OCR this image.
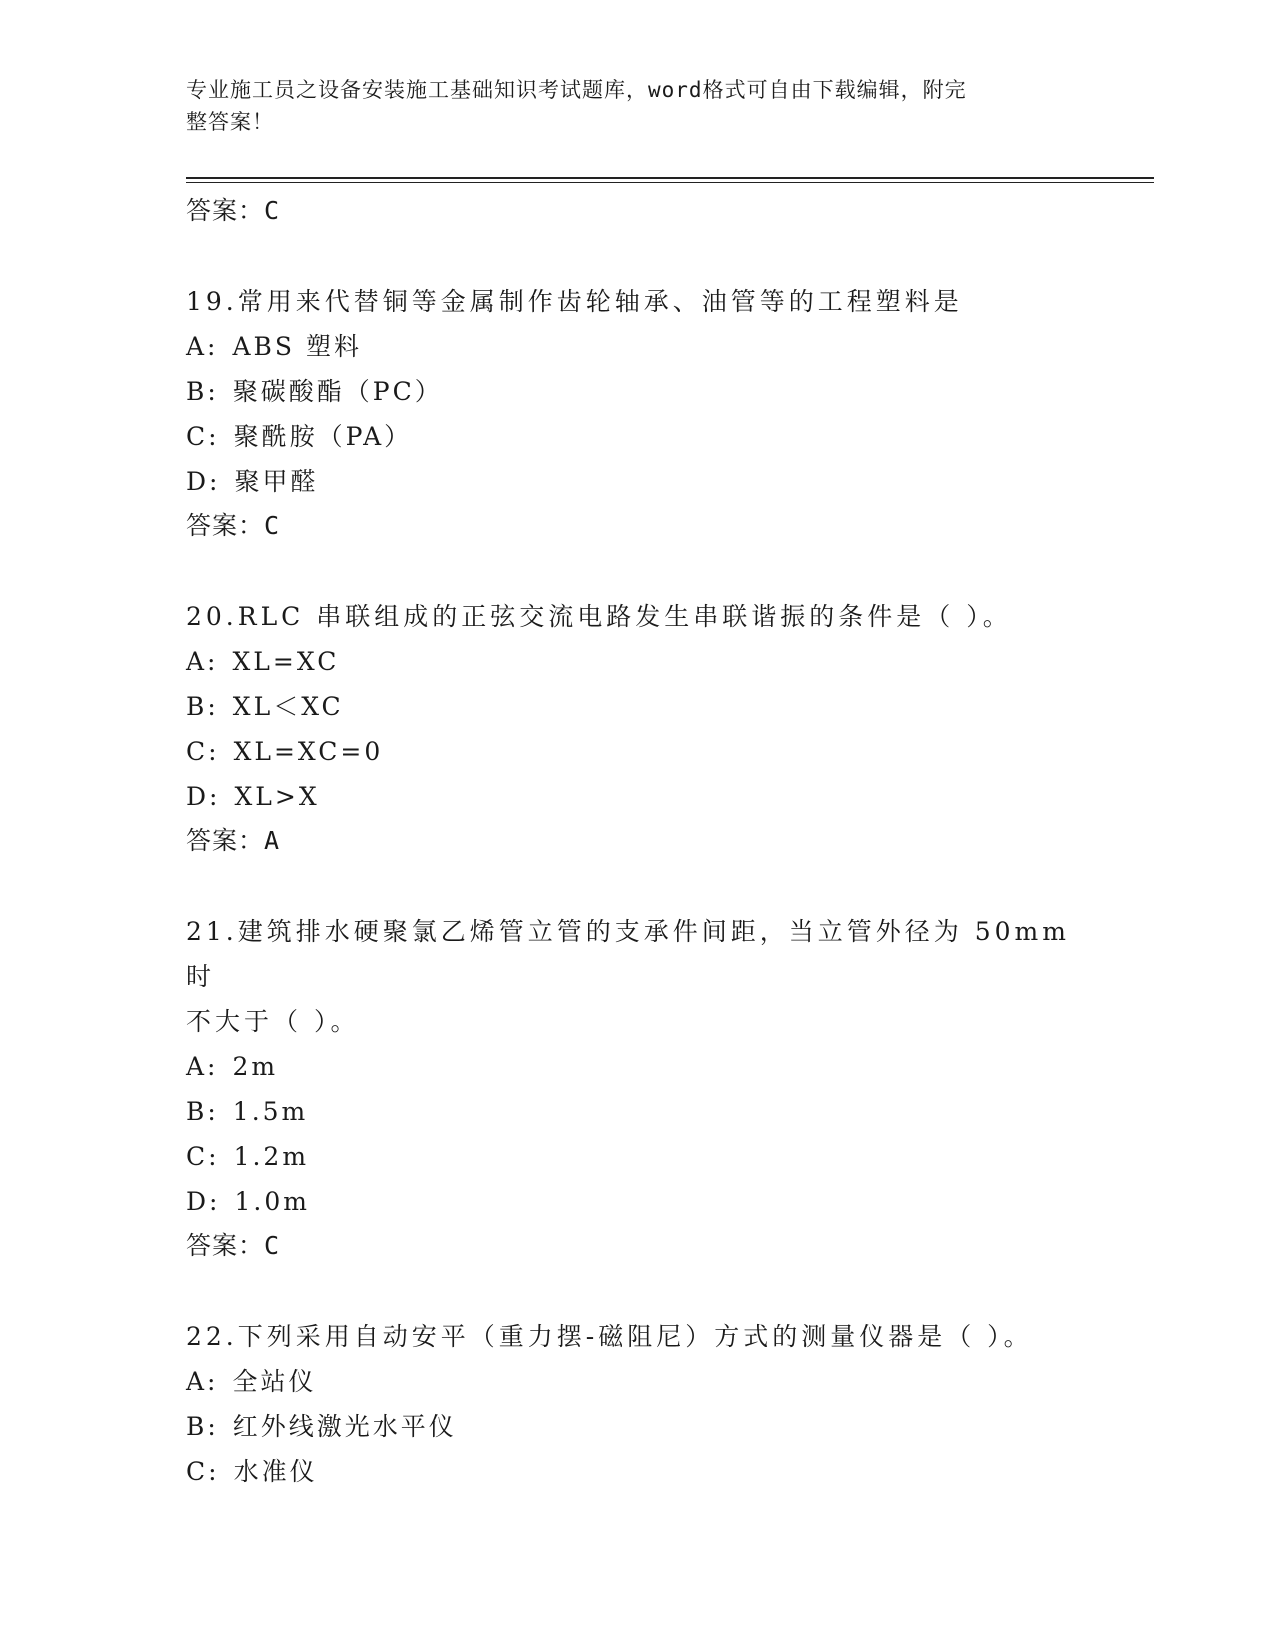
专业施工员之设备安装施工基础知识考试题库，word格式可自由下载编辑，附完
整答案！
答案：C
19.常用来代替铜等金属制作齿轮轴承、油管等的工程塑料是
A: ABS 塑料
B: 聚碳酸酯（PC）
C: 聚酰胺（PA）
D: 聚甲醛
答案：C
20.RLC 串联组成的正弦交流电路发生串联谐振的条件是（ ）。
A: XL=XC
B: XL＜XC
C: XL=XC=0
D: XL>X
答案：A
21.建筑排水硬聚氯乙烯管立管的支承件间距，当立管外径为 50mm 时
不大于（ ）。
A: 2m
B: 1.5m
C: 1.2m
D: 1.0m
答案：C
22.下列采用自动安平（重力摆-磁阻尼）方式的测量仪器是（ ）。
A: 全站仪
B: 红外线激光水平仪
C: 水准仪
